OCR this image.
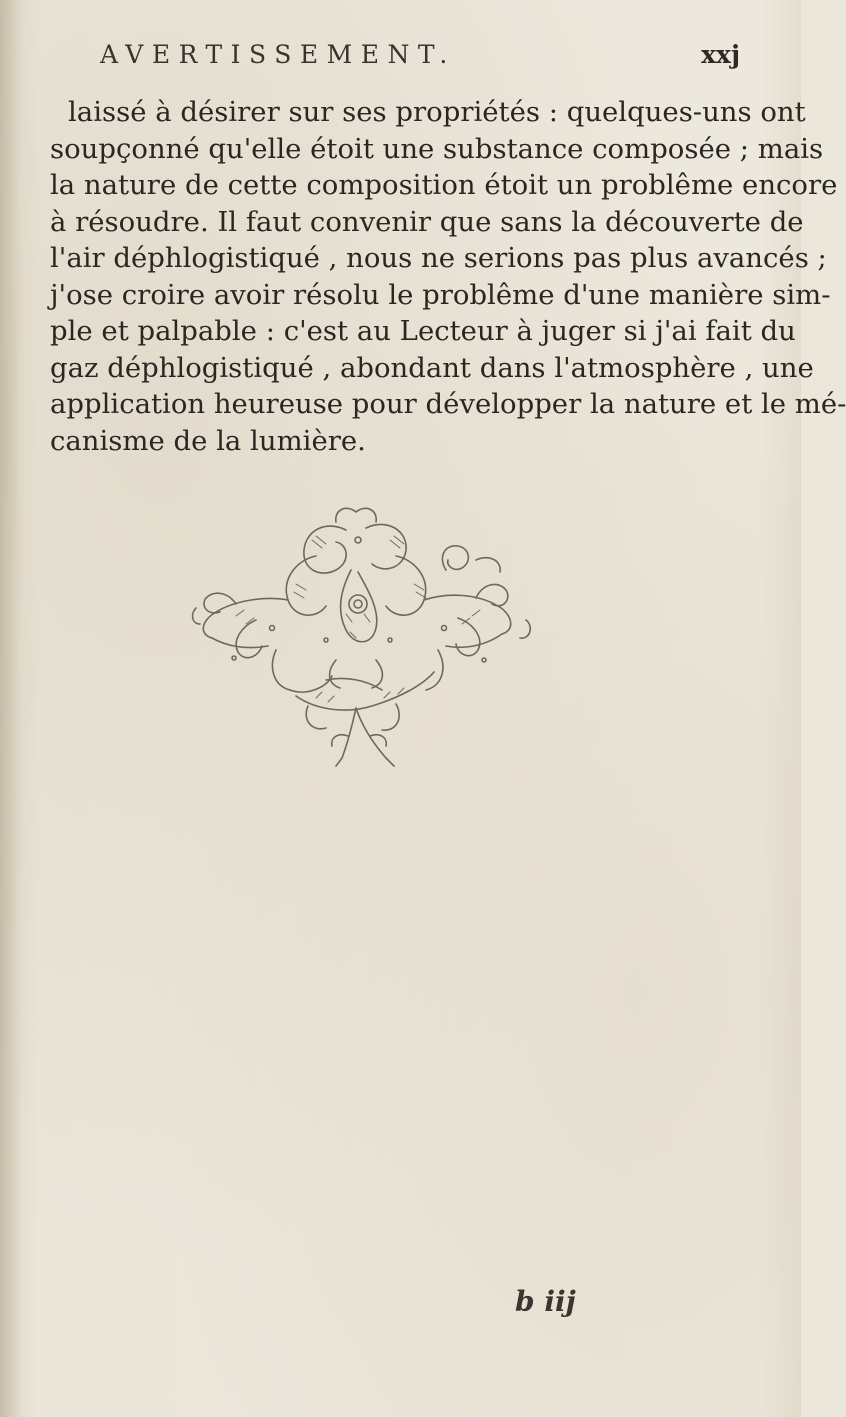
AVERTISSEMENT.	xxj
laissé à désirer sur ses propriétés : quelques-uns ont
soupçonné qu'elle étoit une substance composée ; mais
la nature de cette composition étoit un problême encore
à résoudre. Il faut convenir que sans la découverte de
l'air déphlogistiqué , nous ne serions pas plus avancés ;
j'ose croire avoir résolu le problême d'une manière sim-
ple et palpable : c'est au Lecteur à juger si j'ai fait du
gaz déphlogistiqué , abondant dans l'atmosphère , une
application heureuse pour développer la nature et le mé-
canisme de la lumière.
b iij
